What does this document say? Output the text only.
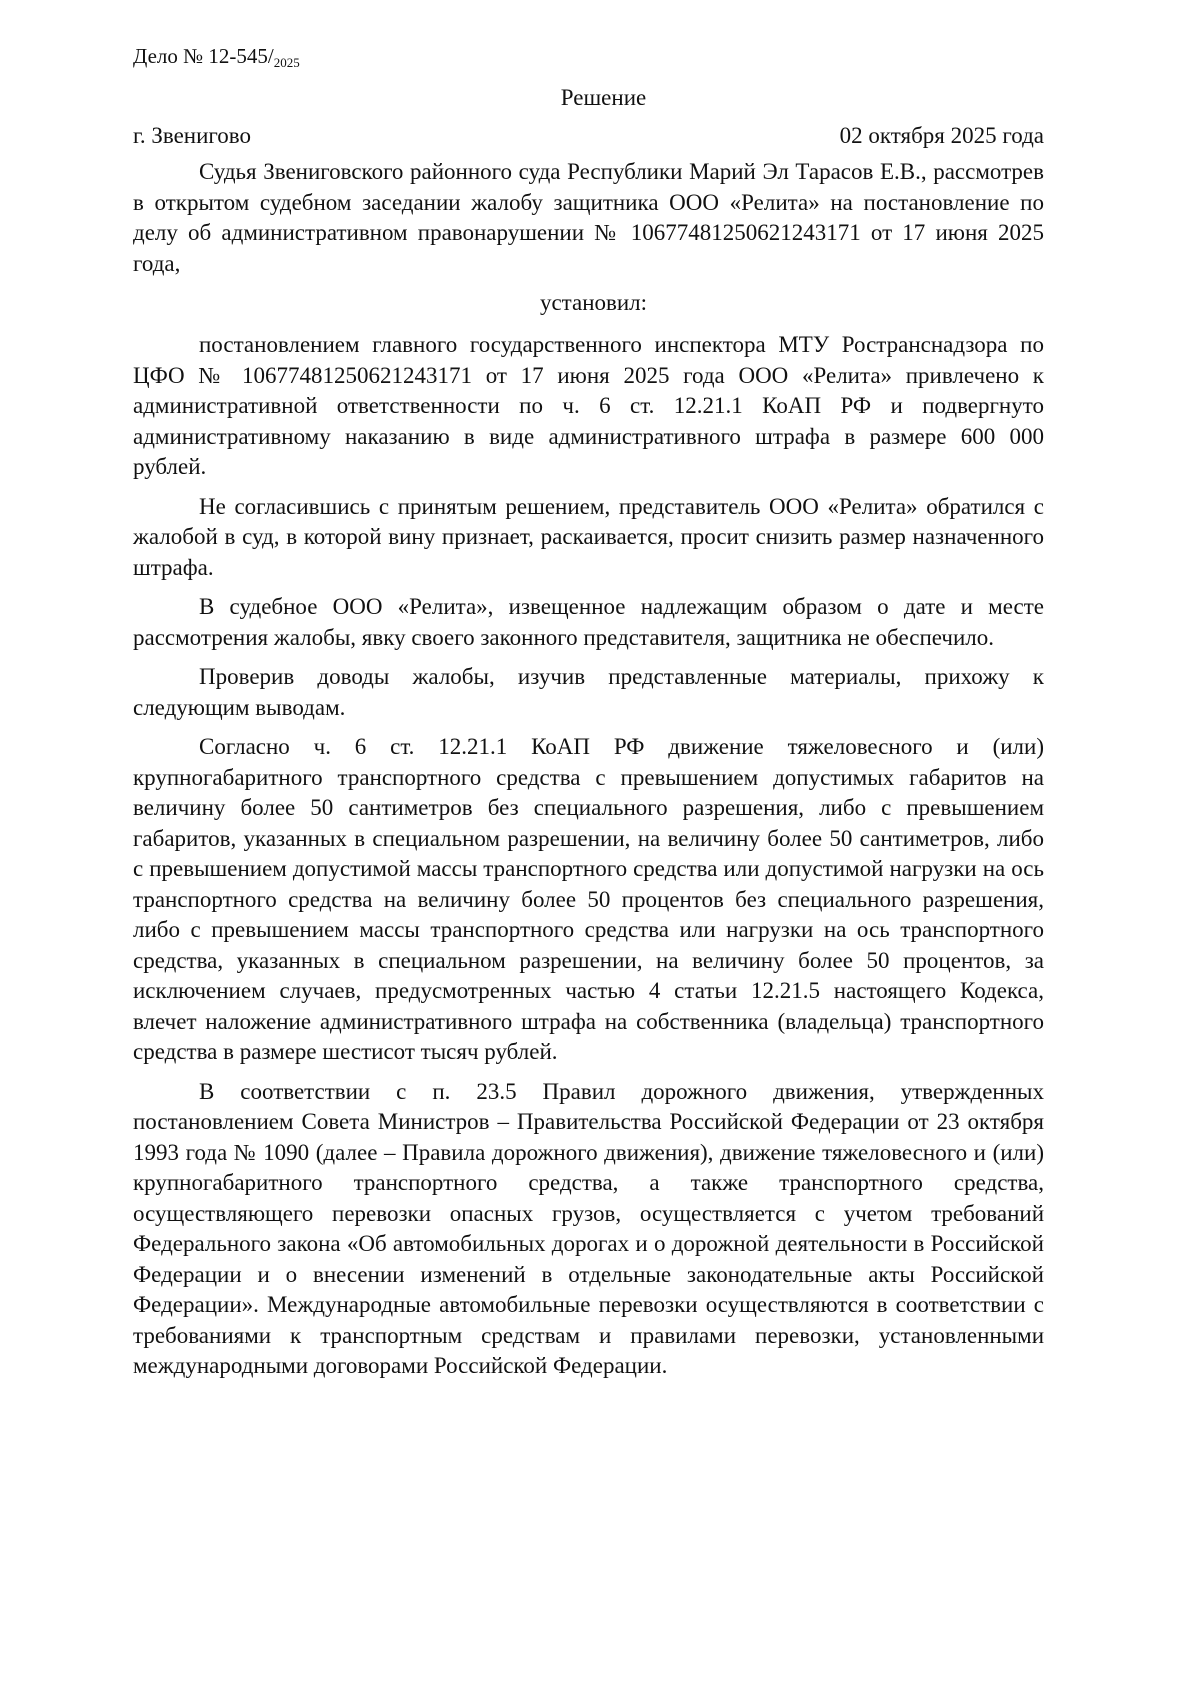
Дело № $12-545/_{2025}$
Решение
г. Звенигово	02 октября 2025 года

Судья Звениговского районного суда Республики Марий Эл Тарасов Е.В., рассмотрев в открытом судебном заседании жалобу защитника ООО «Релита» на постановление по делу об административном правонарушении № 10677481250621243171 от 17 июня 2025 года,

установил:

постановлением главного государственного инспектора МТУ Ространснадзора по ЦФО № 10677481250621243171 от 17 июня 2025 года ООО «Релита» привлечено к административной ответственности по ч. 6 ст. 12.21.1 КоАП РФ и подвергнуто административному наказанию в виде административного штрафа в размере 600 000 рублей.

Не согласившись с принятым решением, представитель ООО «Релита» обратился с жалобой в суд, в которой вину признает, раскаивается, просит снизить размер назначенного штрафа.

В судебное ООО «Релита», извещенное надлежащим образом о дате и месте рассмотрения жалобы, явку своего законного представителя, защитника не обеспечило.

Проверив доводы жалобы, изучив представленные материалы, прихожу к следующим выводам.

Согласно ч. 6 ст. 12.21.1 КоАП РФ движение тяжеловесного и (или) крупногабаритного транспортного средства с превышением допустимых габаритов на величину более 50 сантиметров без специального разрешения, либо с превышением габаритов, указанных в специальном разрешении, на величину более 50 сантиметров, либо с превышением допустимой массы транспортного средства или допустимой нагрузки на ось транспортного средства на величину более 50 процентов без специального разрешения, либо с превышением массы транспортного средства или нагрузки на ось транспортного средства, указанных в специальном разрешении, на величину более 50 процентов, за исключением случаев, предусмотренных частью 4 статьи 12.21.5 настоящего Кодекса, влечет наложение административного штрафа на собственника (владельца) транспортного средства в размере шестисот тысяч рублей.

В соответствии с п. 23.5 Правил дорожного движения, утвержденных постановлением Совета Министров – Правительства Российской Федерации от 23 октября 1993 года № 1090 (далее – Правила дорожного движения), движение тяжеловесного и (или) крупногабаритного транспортного средства, а также транспортного средства, осуществляющего перевозки опасных грузов, осуществляется с учетом требований Федерального закона «Об автомобильных дорогах и о дорожной деятельности в Российской Федерации и о внесении изменений в отдельные законодательные акты Российской Федерации». Международные автомобильные перевозки осуществляются в соответствии с требованиями к транспортным средствам и правилами перевозки, установленными международными договорами Российской Федерации.
